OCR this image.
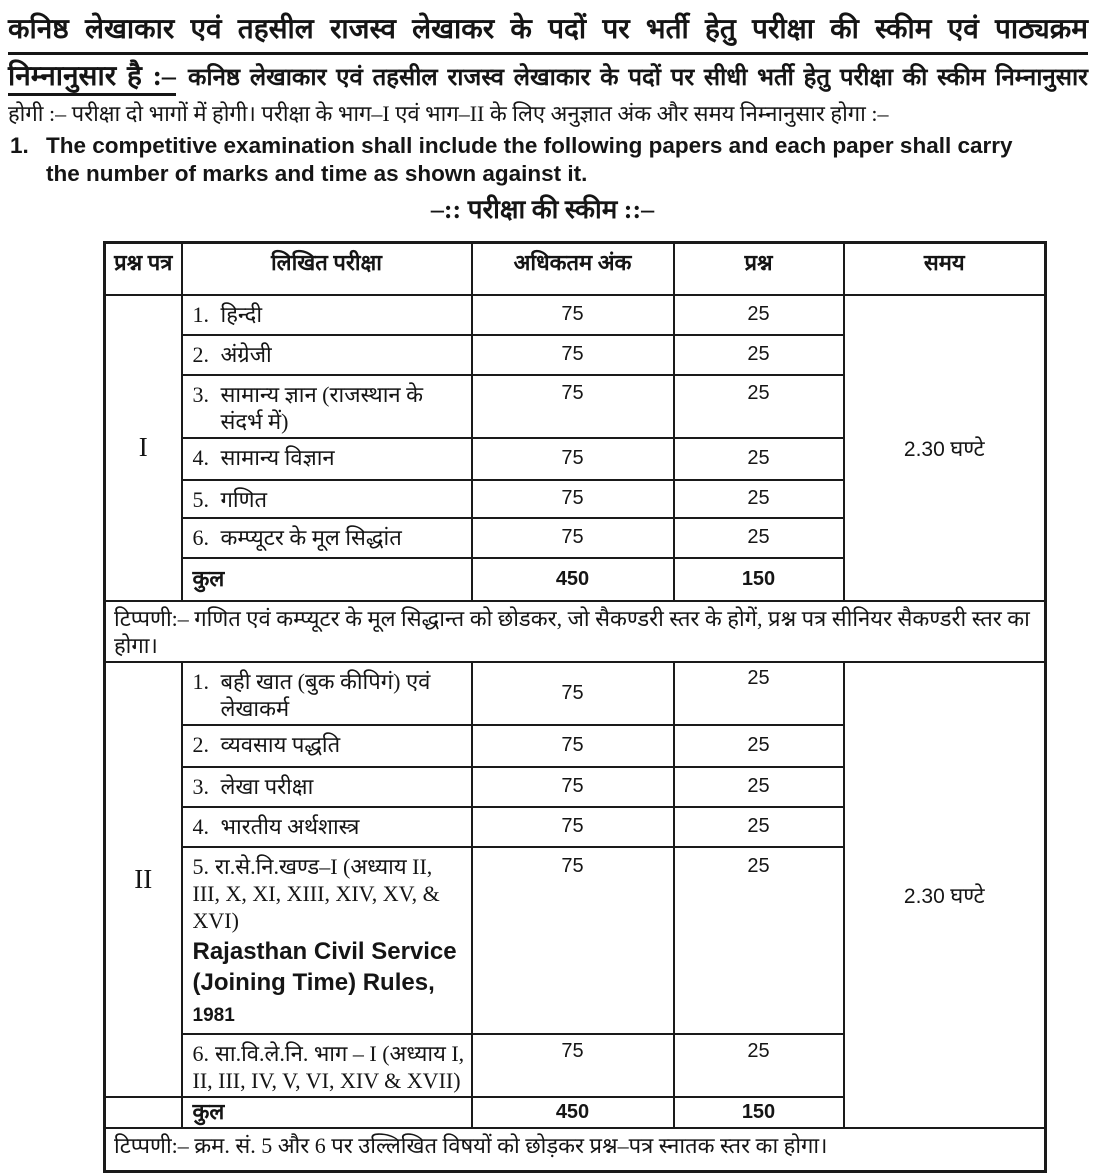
कनिष्ठ लेखाकार एवं तहसील राजस्व लेखाकर के पदों पर भर्ती हेतु परीक्षा की स्कीम एवं पाठ्यक्रम
निम्नानुसार है :– कनिष्ठ लेखाकार एवं तहसील राजस्व लेखाकार के पदों पर सीधी भर्ती हेतु परीक्षा की स्कीम निम्नानुसार
होगी :– परीक्षा दो भागों में होगी। परीक्षा के भाग–I एवं भाग–II के लिए अनुज्ञात अंक और समय निम्नानुसार होगा :–
1. The competitive examination shall include the following papers and each paper shall carry the number of marks and time as shown against it.
–:: परीक्षा की स्कीम ::–
प्रश्न पत्र	लिखित परीक्षा	अधिकतम अंक	प्रश्न	समय
I	1. हिन्दी	75	25	2.30 घण्टे

	2. अंग्रेजी	75	25	

	3. सामान्य ज्ञान (राजस्थान के संदर्भ में)	75	25	

	4. सामान्य विज्ञान	75	25	

	5. गणित	75	25	

	6. कम्प्यूटर के मूल सिद्धांत	75	25	
	कुल	450	150	
टिप्पणी:– गणित एवं कम्प्यूटर के मूल सिद्धान्त को छोडकर, जो सैकण्डरी स्तर के होगें, प्रश्न पत्र सीनियर सैकण्डरी स्तर का होगा।				
II	1. बही खात (बुक कीपिगं) एवं लेखाकर्म	75	25	2.30 घण्टे

	2. व्यवसाय पद्धति	75	25	

	3. लेखा परीक्षा	75	25	

	4. भारतीय अर्थशास्त्र	75	25	

	5. रा.से.नि.खण्ड–I (अध्याय II, III, X, XI, XIII, XIV, XV, & XVI)
Rajasthan Civil Service (Joining Time) Rules, 1981	75	25	

	6. सा.वि.ले.नि. भाग – I (अध्याय I, II, III, IV, V, VI, XIV & XVII)	75	25	
	कुल	450	150	
टिप्पणी:– क्रम. सं. 5 और 6 पर उल्लिखित विषयों को छोड़कर प्रश्न–पत्र स्नातक स्तर का होगा।				
